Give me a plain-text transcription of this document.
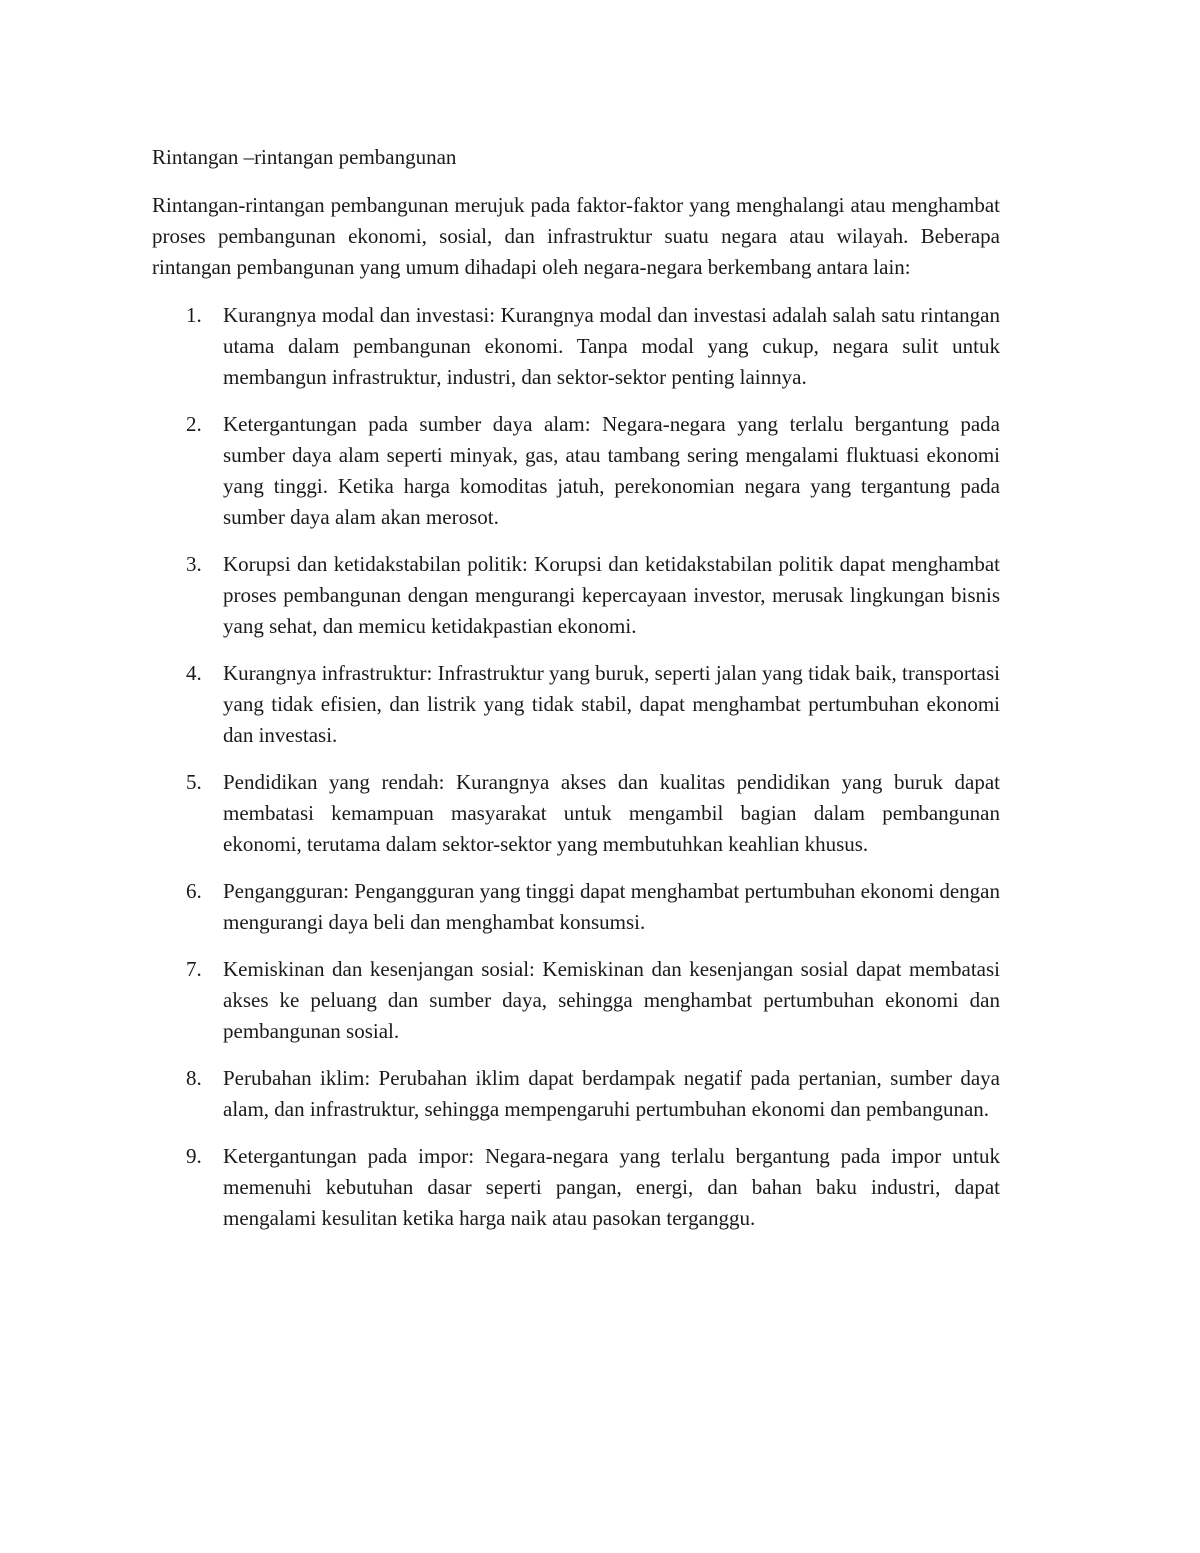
Rintangan –rintangan pembangunan

Rintangan-rintangan pembangunan merujuk pada faktor-faktor yang menghalangi atau menghambat proses pembangunan ekonomi, sosial, dan infrastruktur suatu negara atau wilayah. Beberapa rintangan pembangunan yang umum dihadapi oleh negara-negara berkembang antara lain:

1. Kurangnya modal dan investasi: Kurangnya modal dan investasi adalah salah satu rintangan utama dalam pembangunan ekonomi. Tanpa modal yang cukup, negara sulit untuk membangun infrastruktur, industri, dan sektor-sektor penting lainnya.
2. Ketergantungan pada sumber daya alam: Negara-negara yang terlalu bergantung pada sumber daya alam seperti minyak, gas, atau tambang sering mengalami fluktuasi ekonomi yang tinggi. Ketika harga komoditas jatuh, perekonomian negara yang tergantung pada sumber daya alam akan merosot.
3. Korupsi dan ketidakstabilan politik: Korupsi dan ketidakstabilan politik dapat menghambat proses pembangunan dengan mengurangi kepercayaan investor, merusak lingkungan bisnis yang sehat, dan memicu ketidakpastian ekonomi.
4. Kurangnya infrastruktur: Infrastruktur yang buruk, seperti jalan yang tidak baik, transportasi yang tidak efisien, dan listrik yang tidak stabil, dapat menghambat pertumbuhan ekonomi dan investasi.
5. Pendidikan yang rendah: Kurangnya akses dan kualitas pendidikan yang buruk dapat membatasi kemampuan masyarakat untuk mengambil bagian dalam pembangunan ekonomi, terutama dalam sektor-sektor yang membutuhkan keahlian khusus.
6. Pengangguran: Pengangguran yang tinggi dapat menghambat pertumbuhan ekonomi dengan mengurangi daya beli dan menghambat konsumsi.
7. Kemiskinan dan kesenjangan sosial: Kemiskinan dan kesenjangan sosial dapat membatasi akses ke peluang dan sumber daya, sehingga menghambat pertumbuhan ekonomi dan pembangunan sosial.
8. Perubahan iklim: Perubahan iklim dapat berdampak negatif pada pertanian, sumber daya alam, dan infrastruktur, sehingga mempengaruhi pertumbuhan ekonomi dan pembangunan.
9. Ketergantungan pada impor: Negara-negara yang terlalu bergantung pada impor untuk memenuhi kebutuhan dasar seperti pangan, energi, dan bahan baku industri, dapat mengalami kesulitan ketika harga naik atau pasokan terganggu.
